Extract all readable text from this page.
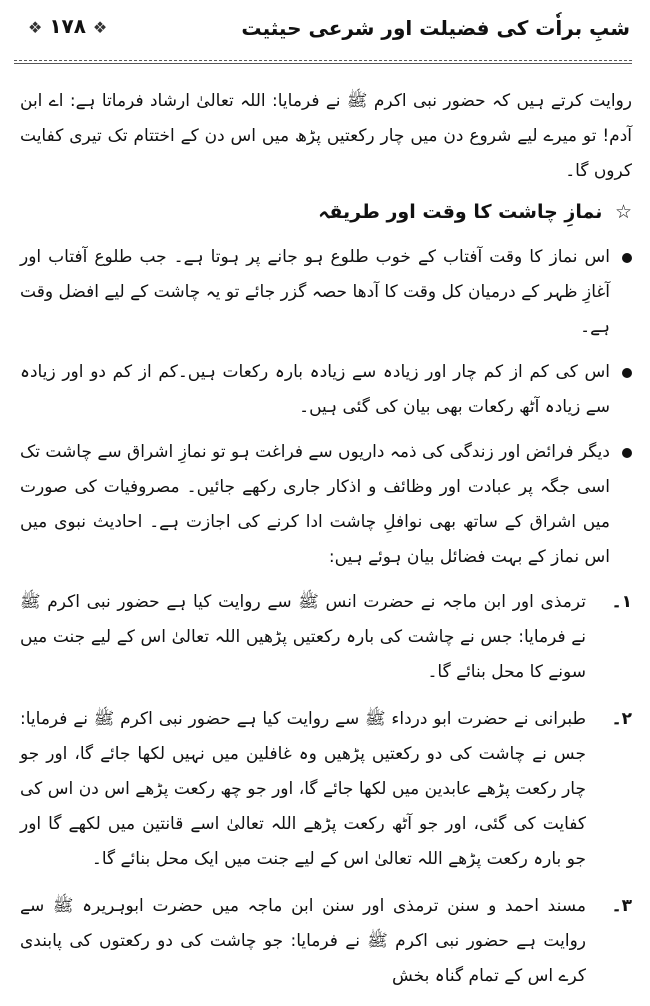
شبِ براٗت کی فضیلت اور شرعی حیثیت
❖ ۱۷۸ ❖

روایت کرتے ہیں کہ حضور نبی اکرم ﷺ نے فرمایا: اللہ تعالیٰ ارشاد فرماتا ہے: اے ابن آدم! تو میرے لیے شروع دن میں چار رکعتیں پڑھ میں اس دن کے اختتام تک تیری کفایت کروں گا۔

☆ نمازِ چاشت کا وقت اور طریقہ
اس نماز کا وقت آفتاب کے خوب طلوع ہو جانے پر ہوتا ہے۔ جب طلوع آفتاب اور آغازِ ظہر کے درمیان کل وقت کا آدھا حصہ گزر جائے تو یہ چاشت کے لیے افضل وقت ہے۔
اس کی کم از کم چار اور زیادہ سے زیادہ بارہ رکعات ہیں۔کم از کم دو اور زیادہ سے زیادہ آٹھ رکعات بھی بیان کی گئی ہیں۔
دیگر فرائض اور زندگی کی ذمہ داریوں سے فراغت ہو تو نمازِ اشراق سے چاشت تک اسی جگہ پر عبادت اور وظائف و اذکار جاری رکھے جائیں۔ مصروفیات کی صورت میں اشراق کے ساتھ بھی نوافلِ چاشت ادا کرنے کی اجازت ہے۔ احادیث نبوی میں اس نماز کے بہت فضائل بیان ہوئے ہیں:
۱۔
ترمذی اور ابن ماجہ نے حضرت انس ﷺ سے روایت کیا ہے حضور نبی اکرم ﷺ نے فرمایا: جس نے چاشت کی بارہ رکعتیں پڑھیں اللہ تعالیٰ اس کے لیے جنت میں سونے کا محل بنائے گا۔
۲۔
طبرانی نے حضرت ابو درداء ﷺ سے روایت کیا ہے حضور نبی اکرم ﷺ نے فرمایا: جس نے چاشت کی دو رکعتیں پڑھیں وہ غافلین میں نہیں لکھا جائے گا، اور جو چار رکعت پڑھے عابدین میں لکھا جائے گا، اور جو چھ رکعت پڑھے اس دن اس کی کفایت کی گئی، اور جو آٹھ رکعت پڑھے اللہ تعالیٰ اسے قانتین میں لکھے گا اور جو بارہ رکعت پڑھے اللہ تعالیٰ اس کے لیے جنت میں ایک محل بنائے گا۔
۳۔
مسند احمد و سنن ترمذی اور سنن ابن ماجہ میں حضرت ابوہریرہ ﷺ سے روایت ہے حضور نبی اکرم ﷺ نے فرمایا: جو چاشت کی دو رکعتوں کی پابندی کرے اس کے تمام گناہ بخش
